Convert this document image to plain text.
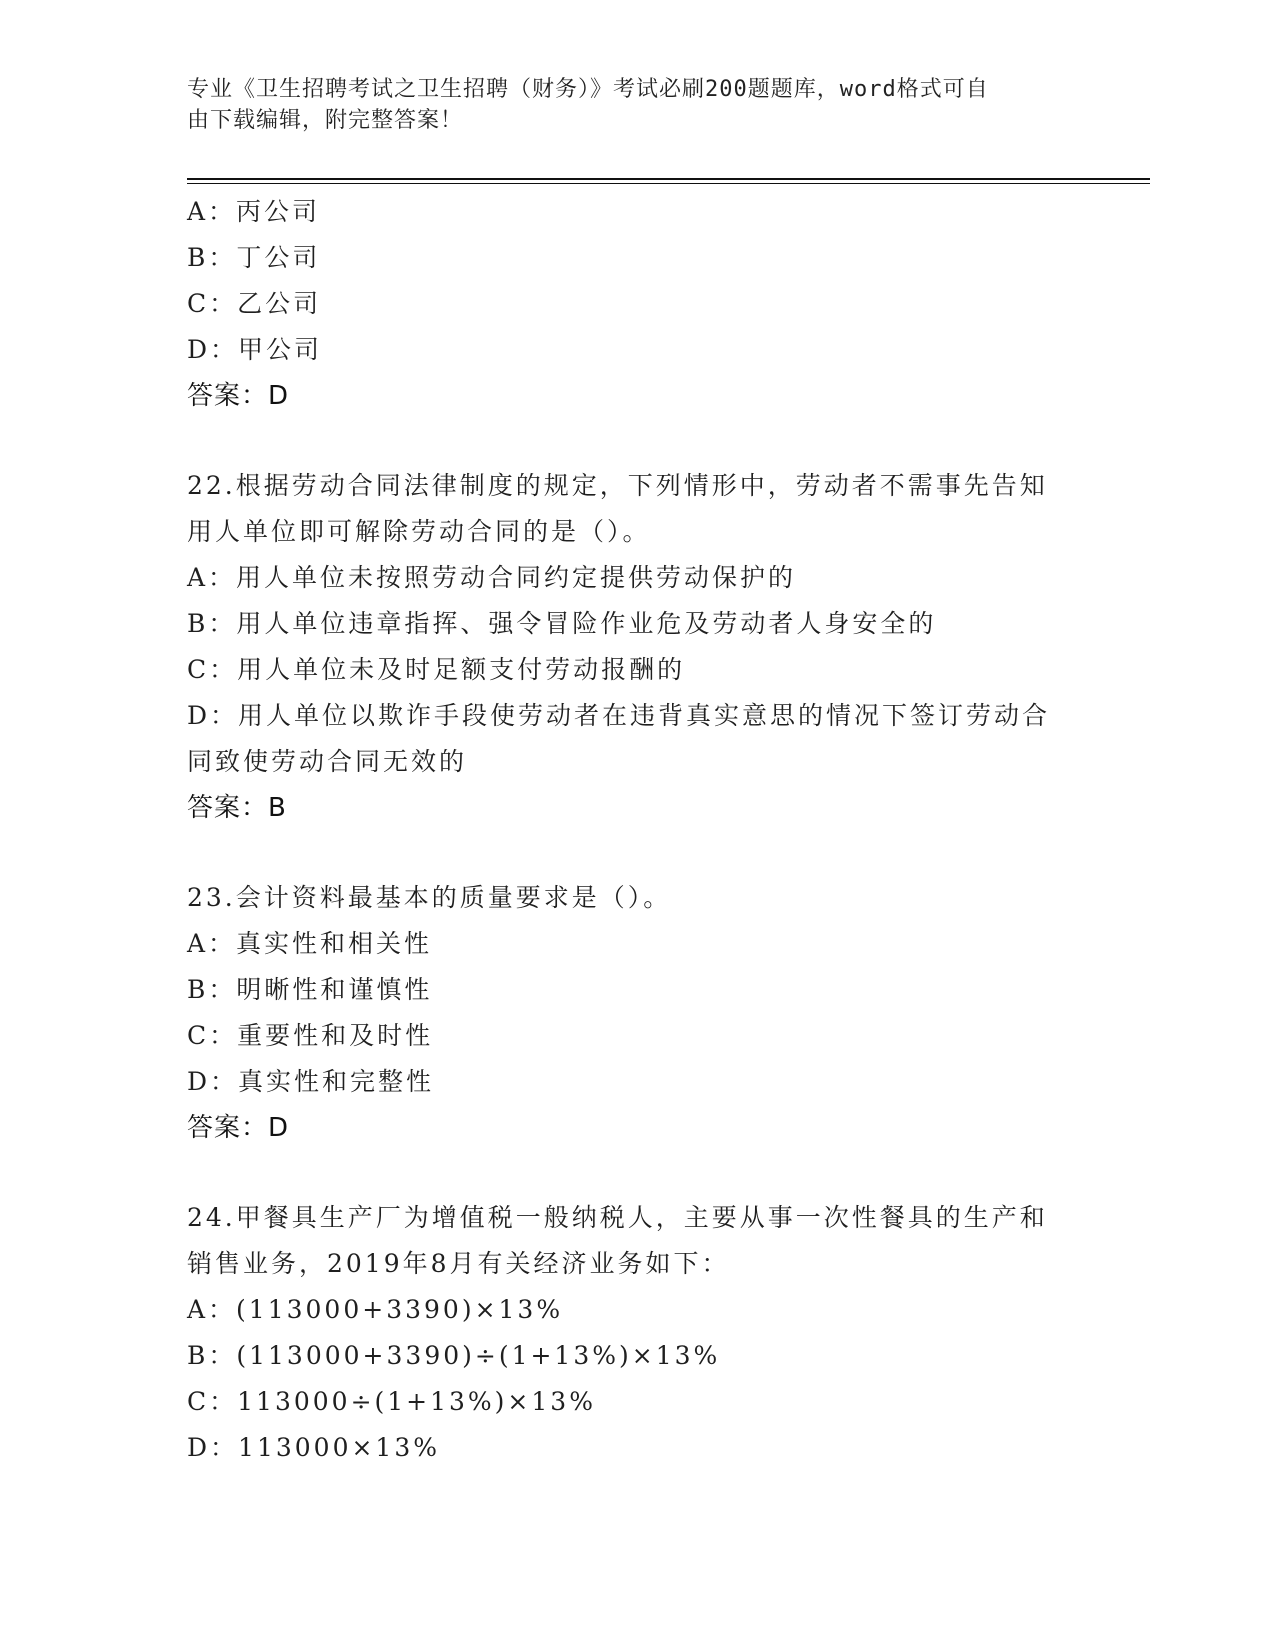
专业《卫生招聘考试之卫生招聘（财务）》考试必刷200题题库，word格式可自
由下载编辑，附完整答案！
A：丙公司
B：丁公司
C：乙公司
D：甲公司
答案：D
22.根据劳动合同法律制度的规定，下列情形中，劳动者不需事先告知
用人单位即可解除劳动合同的是（）。
A：用人单位未按照劳动合同约定提供劳动保护的
B：用人单位违章指挥、强令冒险作业危及劳动者人身安全的
C：用人单位未及时足额支付劳动报酬的
D：用人单位以欺诈手段使劳动者在违背真实意思的情况下签订劳动合
同致使劳动合同无效的
答案：B
23.会计资料最基本的质量要求是（）。
A：真实性和相关性
B：明晰性和谨慎性
C：重要性和及时性
D：真实性和完整性
答案：D
24.甲餐具生产厂为增值税一般纳税人，主要从事一次性餐具的生产和
销售业务，2019年8月有关经济业务如下：
A：(113000+3390)×13%
B：(113000+3390)÷(1+13%)×13%
C：113000÷(1+13%)×13%
D：113000×13%
